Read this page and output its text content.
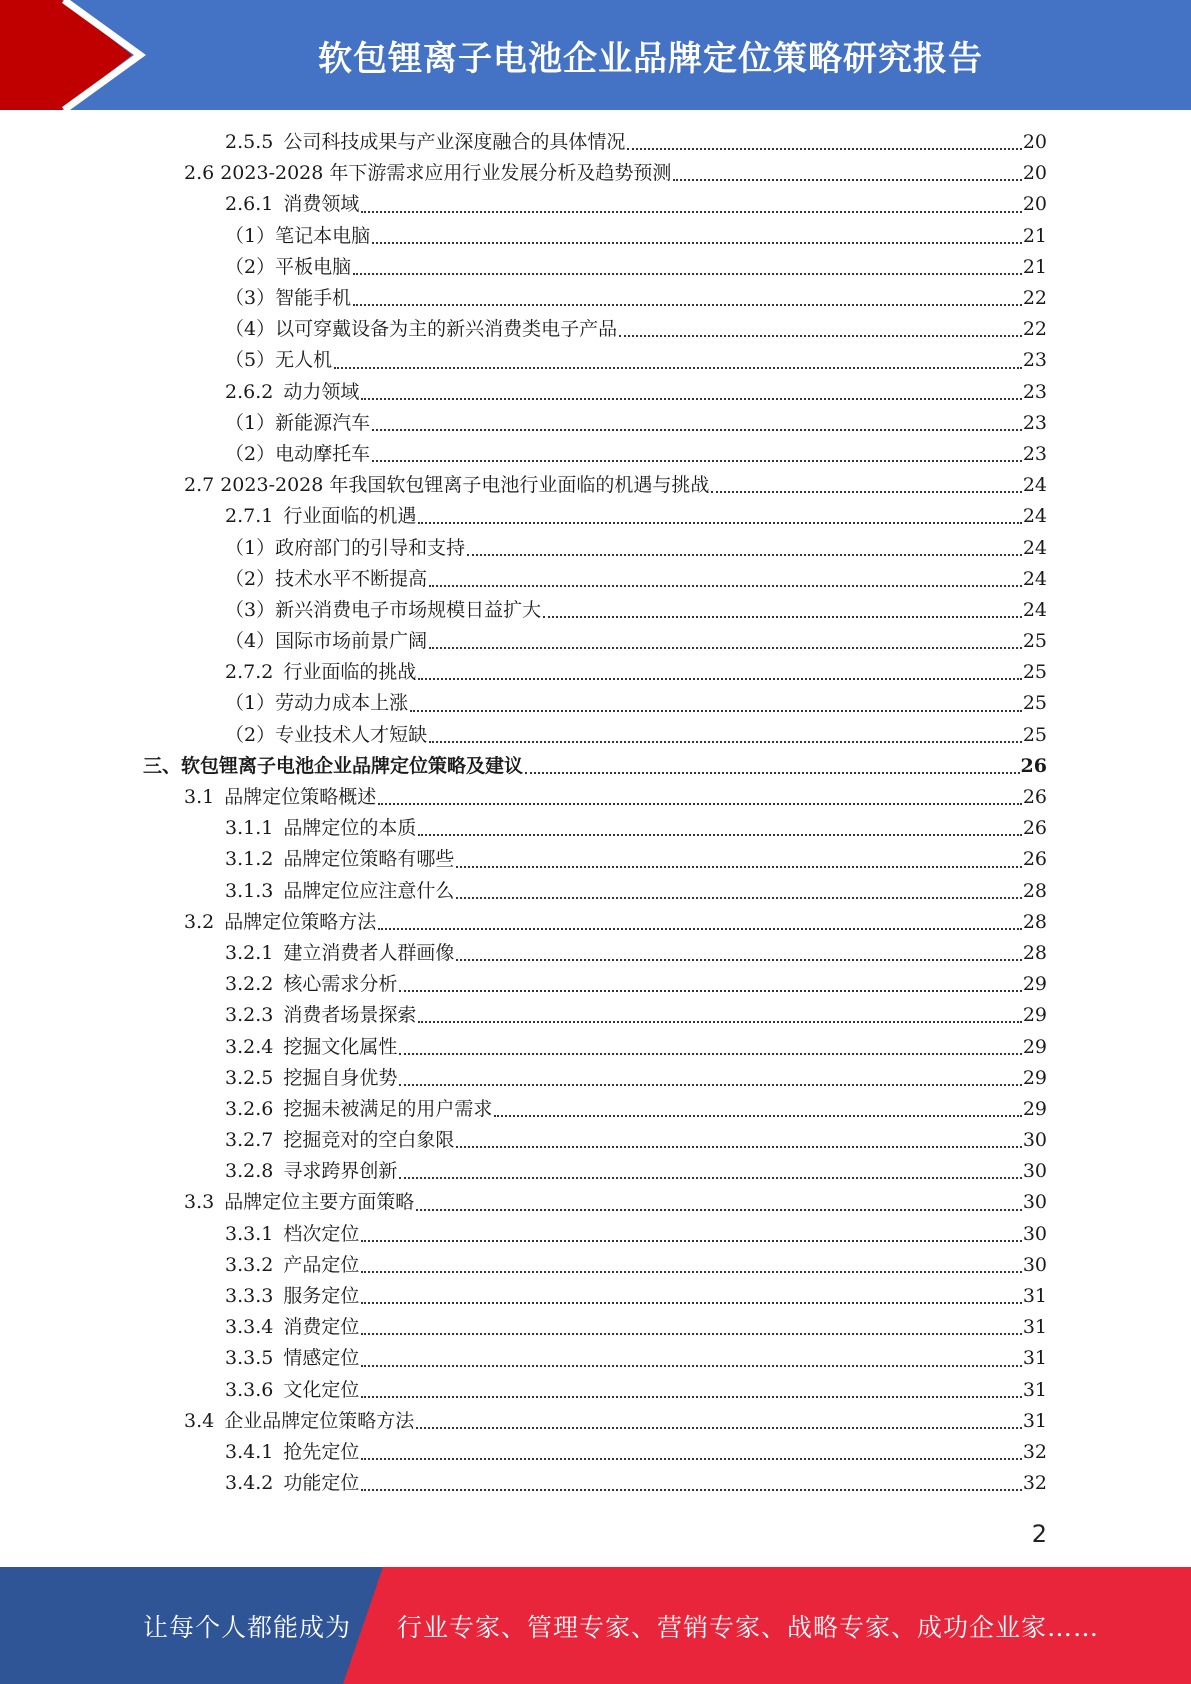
软包锂离子电池企业品牌定位策略研究报告
2.5.5 公司科技成果与产业深度融合的具体情况	20
2.6 2023-2028 年下游需求应用行业发展分析及趋势预测	20
2.6.1 消费领域	20
（1） 笔记本电脑	21
（2） 平板电脑	21
（3） 智能手机	22
（4） 以可穿戴设备为主的新兴消费类电子产品	22
（5） 无人机	23
2.6.2 动力领域	23
（1） 新能源汽车	23
（2） 电动摩托车	23
2.7 2023-2028 年我国软包锂离子电池行业面临的机遇与挑战	24
2.7.1 行业面临的机遇	24
（1） 政府部门的引导和支持	24
（2） 技术水平不断提高	24
（3） 新兴消费电子市场规模日益扩大	24
（4） 国际市场前景广阔	25
2.7.2 行业面临的挑战	25
（1） 劳动力成本上涨	25
（2） 专业技术人才短缺	25
三、 软包锂离子电池企业品牌定位策略及建议	26
3.1 品牌定位策略概述	26
3.1.1 品牌定位的本质	26
3.1.2 品牌定位策略有哪些	26
3.1.3 品牌定位应注意什么	28
3.2 品牌定位策略方法	28
3.2.1 建立消费者人群画像	28
3.2.2 核心需求分析	29
3.2.3 消费者场景探索	29
3.2.4 挖掘文化属性	29
3.2.5 挖掘自身优势	29
3.2.6 挖掘未被满足的用户需求	29
3.2.7 挖掘竞对的空白象限	30
3.2.8 寻求跨界创新	30
3.3 品牌定位主要方面策略	30
3.3.1 档次定位	30
3.3.2 产品定位	30
3.3.3 服务定位	31
3.3.4 消费定位	31
3.3.5 情感定位	31
3.3.6 文化定位	31
3.4 企业品牌定位策略方法	31
3.4.1 抢先定位	32
3.4.2 功能定位	32
2
让每个人都能成为 行业专家、管理专家、营销专家、战略专家、成功企业家……
